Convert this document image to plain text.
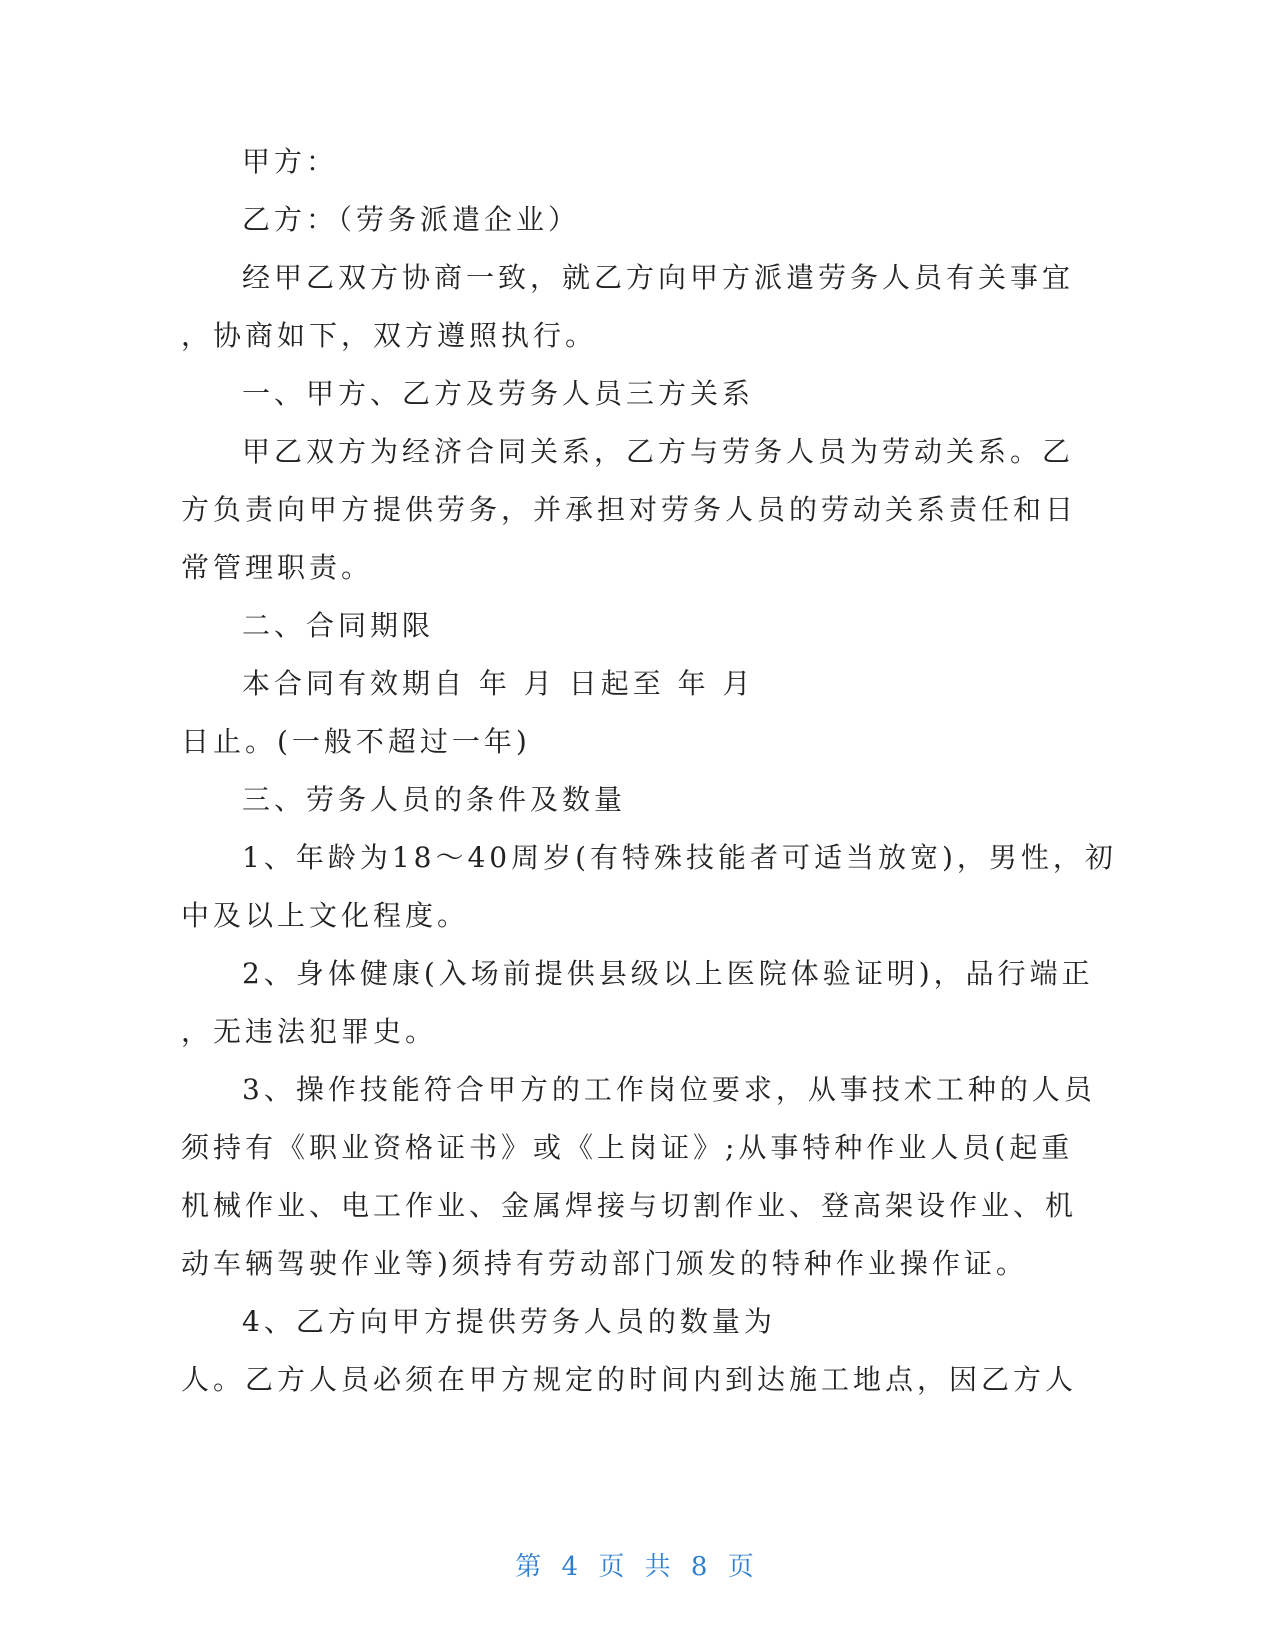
甲方：
乙方：（劳务派遣企业）
经甲乙双方协商一致，就乙方向甲方派遣劳务人员有关事宜
，协商如下，双方遵照执行。
一、甲方、乙方及劳务人员三方关系
甲乙双方为经济合同关系，乙方与劳务人员为劳动关系。乙
方负责向甲方提供劳务，并承担对劳务人员的劳动关系责任和日
常管理职责。
二、合同期限
本合同有效期自 年 月 日起至 年 月
日止。(一般不超过一年)
三、劳务人员的条件及数量
1、年龄为18～40周岁(有特殊技能者可适当放宽)，男性，初
中及以上文化程度。
2、身体健康(入场前提供县级以上医院体验证明)，品行端正
，无违法犯罪史。
3、操作技能符合甲方的工作岗位要求，从事技术工种的人员
须持有《职业资格证书》或《上岗证》;从事特种作业人员(起重
机械作业、电工作业、金属焊接与切割作业、登高架设作业、机
动车辆驾驶作业等)须持有劳动部门颁发的特种作业操作证。
4、乙方向甲方提供劳务人员的数量为
人。乙方人员必须在甲方规定的时间内到达施工地点，因乙方人
第 4 页 共 8 页
